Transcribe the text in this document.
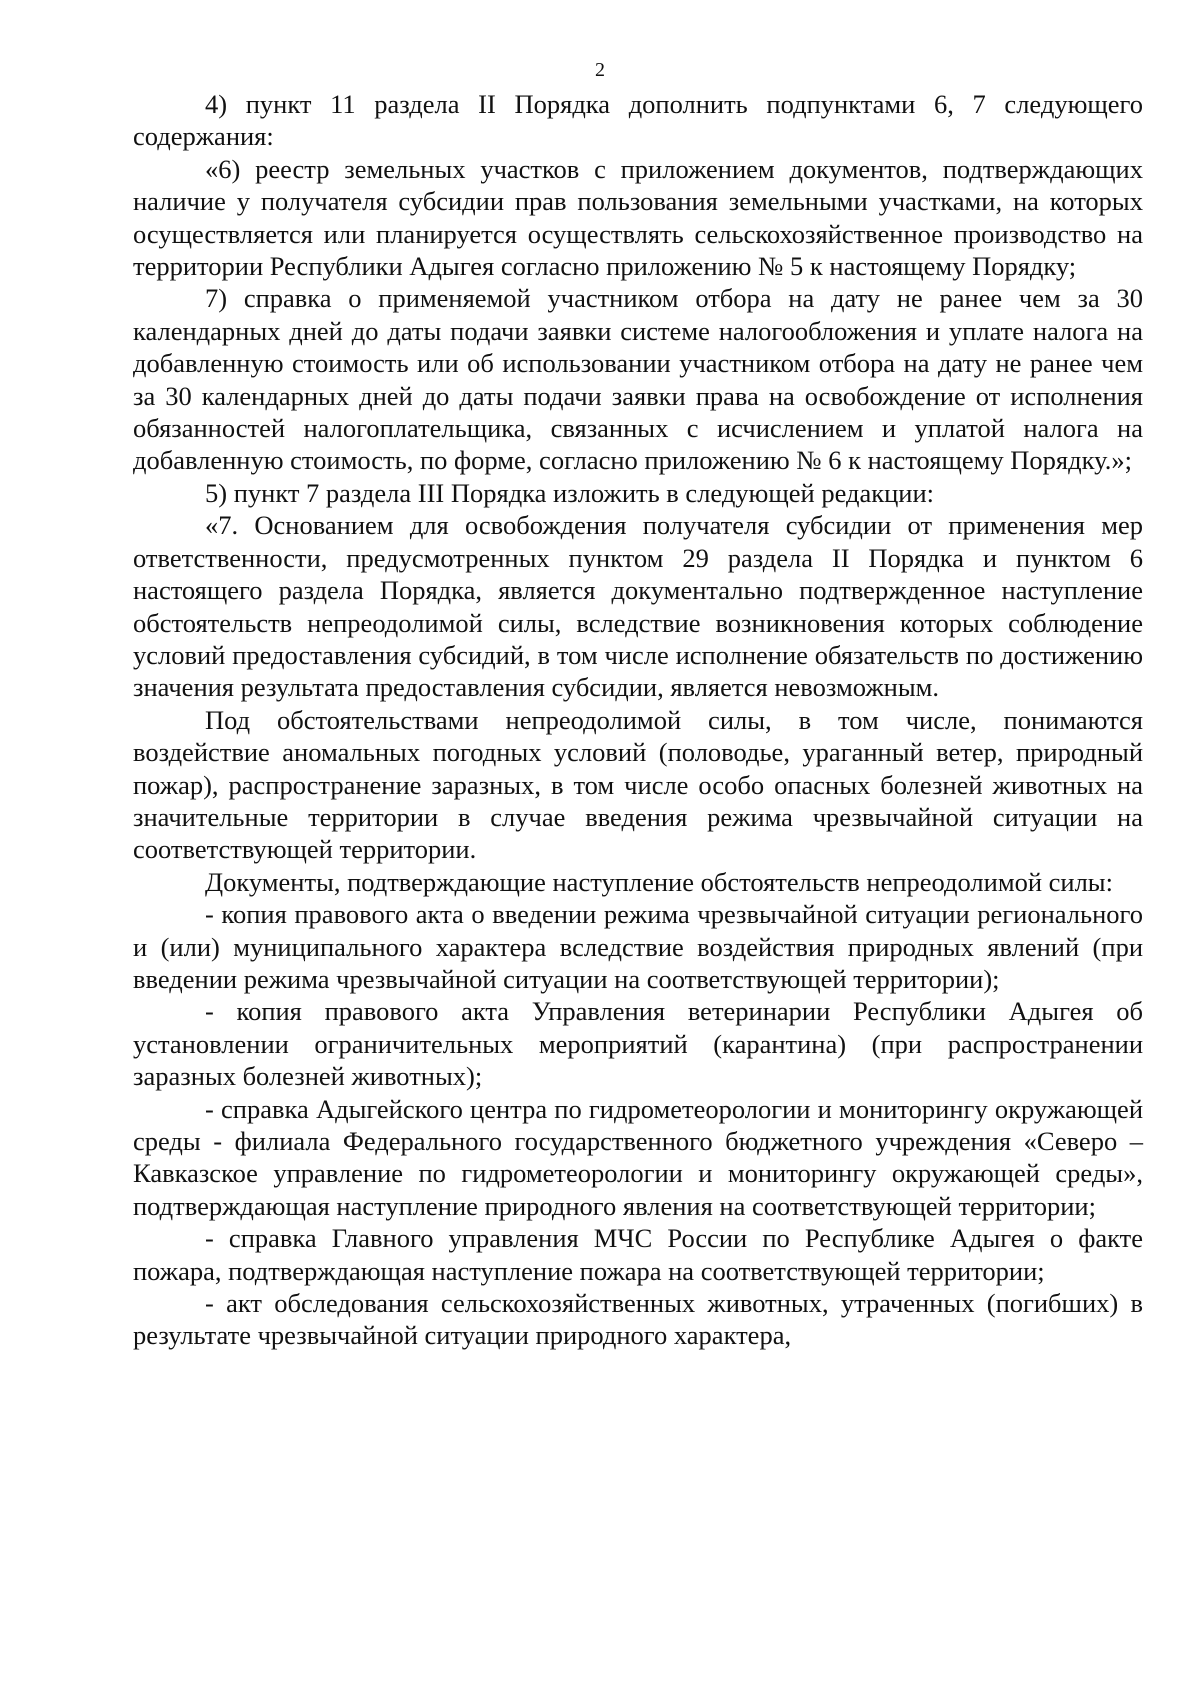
2

4) пункт 11 раздела II Порядка дополнить подпунктами 6, 7 следующего содержания:

«6) реестр земельных участков с приложением документов, подтверждающих наличие у получателя субсидии прав пользования земельными участками, на которых осуществляется или планируется осуществлять сельскохозяйственное производство на территории Республики Адыгея согласно приложению № 5 к настоящему Порядку;

7) справка о применяемой участником отбора на дату не ранее чем за 30 календарных дней до даты подачи заявки системе налогообложения и уплате налога на добавленную стоимость или об использовании участником отбора на дату не ранее чем за 30 календарных дней до даты подачи заявки права на освобождение от исполнения обязанностей налогоплательщика, связанных с исчислением и уплатой налога на добавленную стоимость, по форме, согласно приложению № 6 к настоящему Порядку.»;

5) пункт 7 раздела III Порядка изложить в следующей редакции:

«7. Основанием для освобождения получателя субсидии от применения мер ответственности, предусмотренных пунктом 29 раздела II Порядка и пунктом 6 настоящего раздела Порядка, является документально подтвержденное наступление обстоятельств непреодолимой силы, вследствие возникновения которых соблюдение условий предоставления субсидий, в том числе исполнение обязательств по достижению значения результата предоставления субсидии, является невозможным.

Под обстоятельствами непреодолимой силы, в том числе, понимаются воздействие аномальных погодных условий (половодье, ураганный ветер, природный пожар), распространение заразных, в том числе особо опасных болезней животных на значительные территории в случае введения режима чрезвычайной ситуации на соответствующей территории.

Документы, подтверждающие наступление обстоятельств непреодолимой силы:

- копия правового акта о введении режима чрезвычайной ситуации регионального и (или) муниципального характера вследствие воздействия природных явлений (при введении режима чрезвычайной ситуации на соответствующей территории);

- копия правового акта Управления ветеринарии Республики Адыгея об установлении ограничительных мероприятий (карантина) (при распространении заразных болезней животных);

- справка Адыгейского центра по гидрометеорологии и мониторингу окружающей среды - филиала Федерального государственного бюджетного учреждения «Северо – Кавказское управление по гидрометеорологии и мониторингу окружающей среды», подтверждающая наступление природного явления на соответствующей территории;

- справка Главного управления МЧС России по Республике Адыгея о факте пожара, подтверждающая наступление пожара на соответствующей территории;

- акт обследования сельскохозяйственных животных, утраченных (погибших) в результате чрезвычайной ситуации природного характера,
